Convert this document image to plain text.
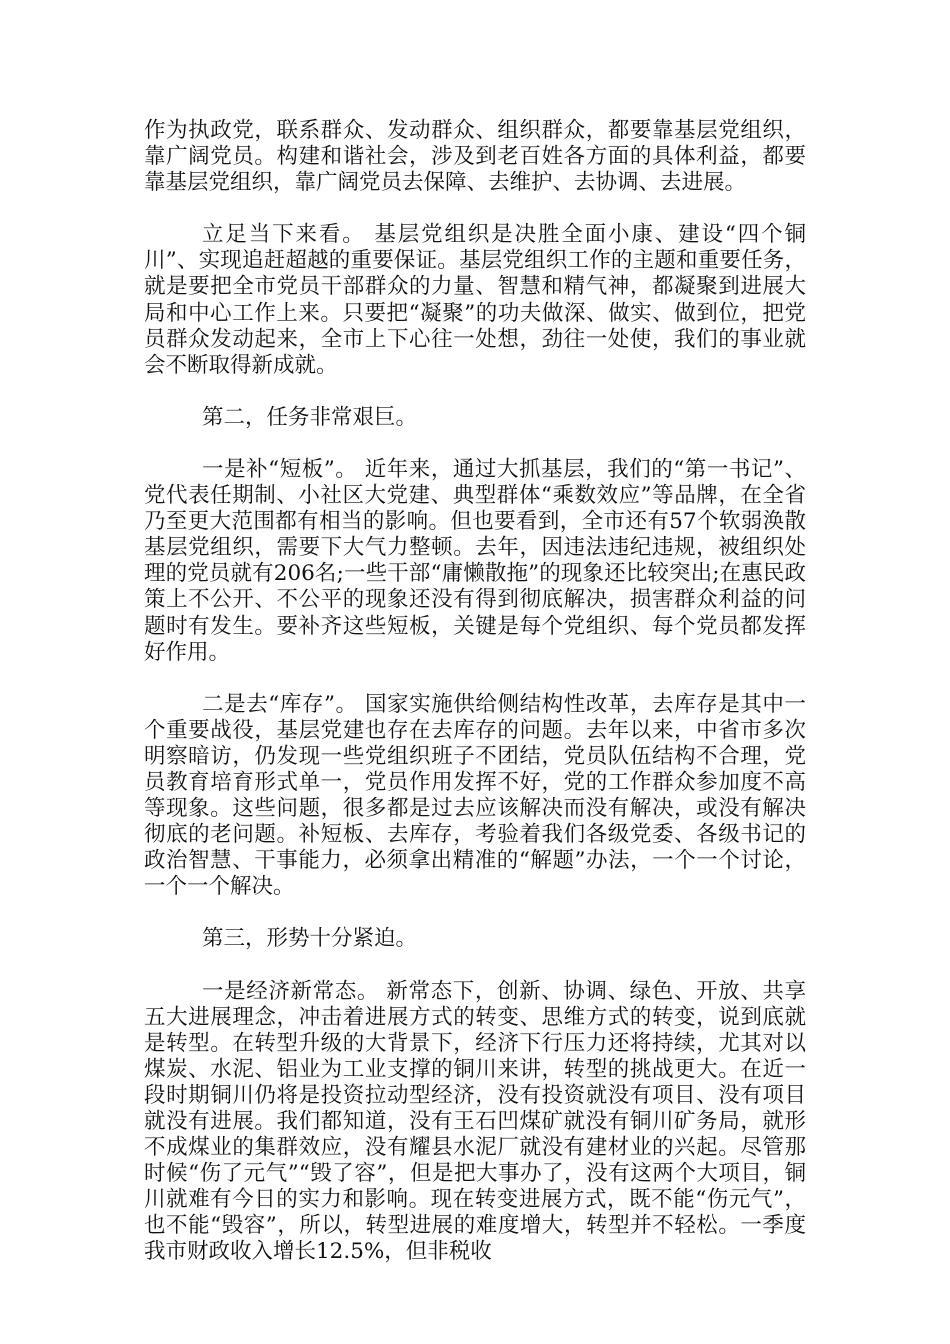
作为执政党，联系群众、发动群众、组织群众，都要靠基层党组织，靠广阔党员。构建和谐社会，涉及到老百姓各方面的具体利益，都要靠基层党组织，靠广阔党员去保障、去维护、去协调、去进展。

立足当下来看。 基层党组织是决胜全面小康、建设“四个铜川”、实现追赶超越的重要保证。基层党组织工作的主题和重要任务，就是要把全市党员干部群众的力量、智慧和精气神，都凝聚到进展大局和中心工作上来。只要把“凝聚”的功夫做深、做实、做到位，把党员群众发动起来，全市上下心往一处想，劲往一处使，我们的事业就会不断取得新成就。

第二，任务非常艰巨。

一是补“短板”。 近年来，通过大抓基层，我们的“第一书记”、党代表任期制、小社区大党建、典型群体“乘数效应”等品牌，在全省乃至更大范围都有相当的影响。但也要看到，全市还有57个软弱涣散基层党组织，需要下大气力整顿。去年，因违法违纪违规，被组织处理的党员就有206名;一些干部“庸懒散拖”的现象还比较突出;在惠民政策上不公开、不公平的现象还没有得到彻底解决，损害群众利益的问题时有发生。要补齐这些短板，关键是每个党组织、每个党员都发挥好作用。

二是去“库存”。 国家实施供给侧结构性改革，去库存是其中一个重要战役，基层党建也存在去库存的问题。去年以来，中省市多次明察暗访，仍发现一些党组织班子不团结，党员队伍结构不合理，党员教育培育形式单一，党员作用发挥不好，党的工作群众参加度不高等现象。这些问题，很多都是过去应该解决而没有解决，或没有解决彻底的老问题。补短板、去库存，考验着我们各级党委、各级书记的政治智慧、干事能力，必须拿出精准的“解题”办法，一个一个讨论，一个一个解决。

第三，形势十分紧迫。

一是经济新常态。 新常态下，创新、协调、绿色、开放、共享五大进展理念，冲击着进展方式的转变、思维方式的转变，说到底就是转型。在转型升级的大背景下，经济下行压力还将持续，尤其对以煤炭、水泥、铝业为工业支撑的铜川来讲，转型的挑战更大。在近一段时期铜川仍将是投资拉动型经济，没有投资就没有项目、没有项目就没有进展。我们都知道，没有王石凹煤矿就没有铜川矿务局，就形不成煤业的集群效应，没有耀县水泥厂就没有建材业的兴起。尽管那时候“伤了元气”“毁了容”，但是把大事办了，没有这两个大项目，铜川就难有今日的实力和影响。现在转变进展方式，既不能“伤元气”，也不能“毁容”，所以，转型进展的难度增大，转型并不轻松。一季度我市财政收入增长12.5%，但非税收
